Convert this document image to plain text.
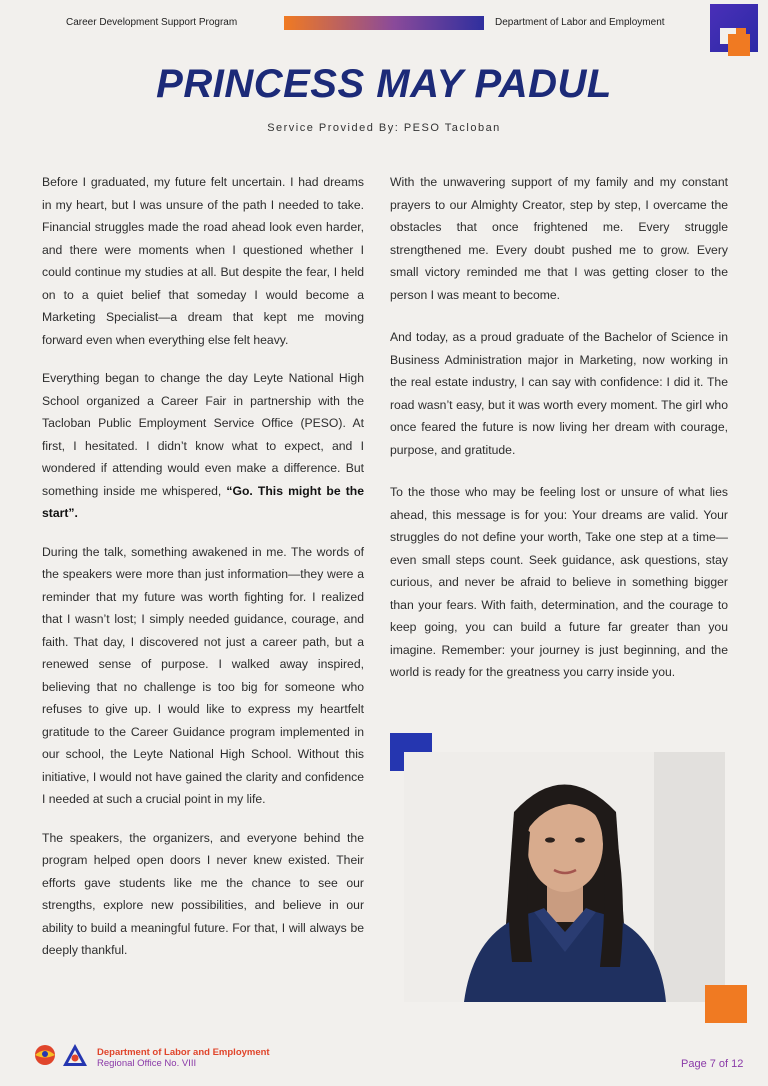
Career Development Support Program	Department of Labor and Employment
PRINCESS MAY PADUL
Service Provided By: PESO Tacloban

Before I graduated, my future felt uncertain. I had dreams in my heart, but I was unsure of the path I needed to take. Financial struggles made the road ahead look even harder, and there were moments when I questioned whether I could continue my studies at all. But despite the fear, I held on to a quiet belief that someday I would become a Marketing Specialist—a dream that kept me moving forward even when everything else felt heavy.

Everything began to change the day Leyte National High School organized a Career Fair in partnership with the Tacloban Public Employment Service Office (PESO). At first, I hesitated. I didn’t know what to expect, and I wondered if attending would even make a difference. But something inside me whispered, “Go. This might be the start”.

During the talk, something awakened in me. The words of the speakers were more than just information—they were a reminder that my future was worth fighting for. I realized that I wasn’t lost; I simply needed guidance, courage, and faith. That day, I discovered not just a career path, but a renewed sense of purpose. I walked away inspired, believing that no challenge is too big for someone who refuses to give up. I would like to express my heartfelt gratitude to the Career Guidance program implemented in our school, the Leyte National High School. Without this initiative, I would not have gained the clarity and confidence I needed at such a crucial point in my life.

The speakers, the organizers, and everyone behind the program helped open doors I never knew existed. Their efforts gave students like me the chance to see our strengths, explore new possibilities, and believe in our ability to build a meaningful future. For that, I will always be deeply thankful.

With the unwavering support of my family and my constant prayers to our Almighty Creator, step by step, I overcame the obstacles that once frightened me. Every struggle strengthened me. Every doubt pushed me to grow. Every small victory reminded me that I was getting closer to the person I was meant to become.

And today, as a proud graduate of the Bachelor of Science in Business Administration major in Marketing, now working in the real estate industry, I can say with confidence: I did it. The road wasn’t easy, but it was worth every moment. The girl who once feared the future is now living her dream with courage, purpose, and gratitude.

To the those who may be feeling lost or unsure of what lies ahead, this message is for you: Your dreams are valid. Your struggles do not define your worth, Take one step at a time—even small steps count. Seek guidance, ask questions, stay curious, and never be afraid to believe in something bigger than your fears. With faith, determination, and the courage to keep going, you can build a future far greater than you imagine. Remember: your journey is just beginning, and the world is ready for the greatness you carry inside you.

Department of Labor and Employment
Regional Office No. VIII	Page 7 of 12
